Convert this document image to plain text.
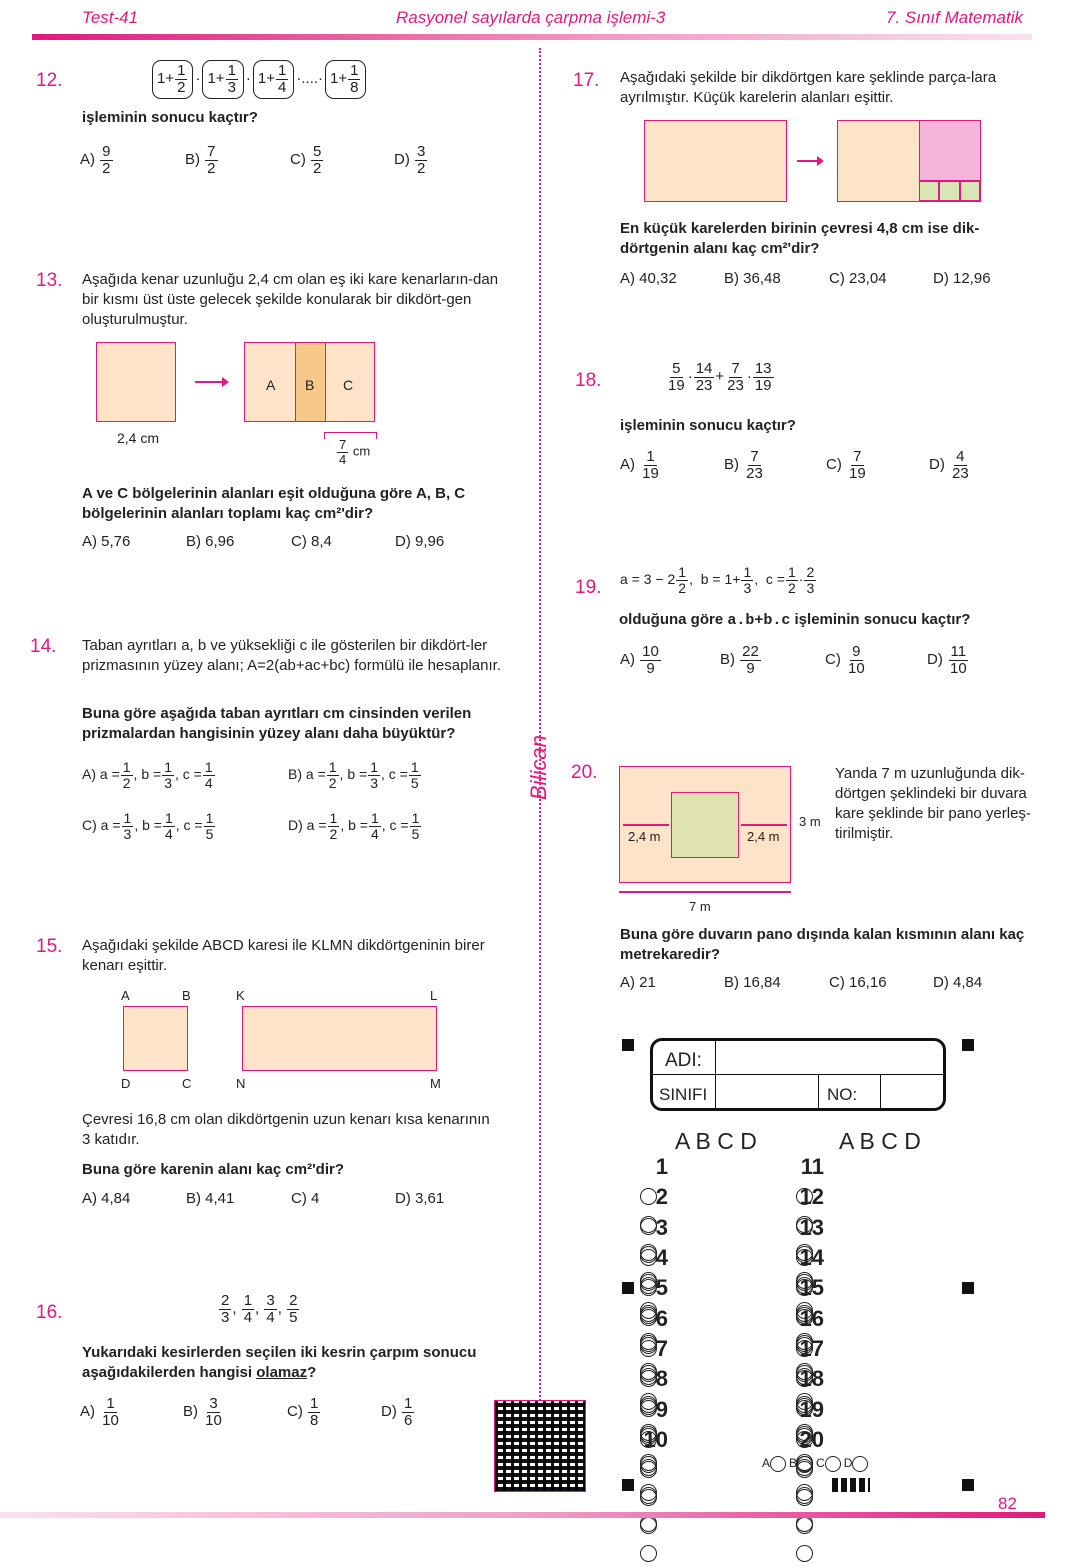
Test-41	Rasyonel sayılarda çarpma işlemi-3	7. Sınıf Matematik
Bilican
12.	$1+ \frac{1}{2} \cdot 1+ \frac{1}{3} \cdot 1+ \frac{1}{4}$ ·....· $1+ \frac{1}{8}$
işleminin sonucu kaçtır?
$A) \frac{9}{2}$	$B) \frac{7}{2}$	$C) \frac{5}{2}$	$D) \frac{3}{2}$
13. Aşağıda kenar uzunluğu 2,4 cm olan eş iki kare kenarların-dan bir kısmı üst üste gelecek şekilde konularak bir dikdört-gen oluşturulmuştur.
2,4 cm
A B C
$\frac{7}{4}$ cm
A ve C bölgelerinin alanları eşit olduğuna göre A, B, C bölgelerinin alanları toplamı kaç cm²'dir?
A) 5,76	B) 6,96	C) 8,4	D) 9,96
14. Taban ayrıtları a, b ve yüksekliği c ile gösterilen bir dikdört-ler prizmasının yüzey alanı; A=2(ab+ac+bc) formülü ile hesaplanır.
Buna göre aşağıda taban ayrıtları cm cinsinden verilen prizmalardan hangisinin yüzey alanı daha büyüktür?
A) $a = \frac{1}{2}$ , $b = \frac{1}{3}$ , $c = \frac{1}{4}$	B) $a = \frac{1}{2}$ , $b = \frac{1}{3}$ , $c = \frac{1}{5}$
C) $a = \frac{1}{3}$ , $b = \frac{1}{4}$ , $c = \frac{1}{5}$	D) $a = \frac{1}{2}$ , $b = \frac{1}{4}$ , $c = \frac{1}{5}$
15. Aşağıdaki şekilde ABCD karesi ile KLMN dikdörtgeninin birer kenarı eşittir.
A	B
D	C
K	L
N	M
Çevresi 16,8 cm olan dikdörtgenin uzun kenarı kısa kenarının 3 katıdır.
Buna göre karenin alanı kaç cm²'dir?
A) 4,84	B) 4,41	C) 4	D) 3,61
16.	$\frac{2}{3}$ , $\frac{1}{4}$ , $\frac{3}{4}$ , $\frac{2}{5}$
Yukarıdaki kesirlerden seçilen iki kesrin çarpım sonucu aşağıdakilerden hangisi olamaz?
$A) \frac{1}{10}$	$B) \frac{3}{10}$	$C) \frac{1}{8}$	$D) \frac{1}{6}$
17. Aşağıdaki şekilde bir dikdörtgen kare şeklinde parça-lara ayrılmıştır. Küçük karelerin alanları eşittir.
En küçük karelerden birinin çevresi 4,8 cm ise dik-dörtgenin alanı kaç cm²'dir?
A) 40,32	B) 36,48	C) 23,04	D) 12,96
18.	$\frac{5}{19} \cdot \frac{14}{23} + \frac{7}{23} \cdot \frac{13}{19}$
işleminin sonucu kaçtır?
$A) \frac{1}{19}$	$B) \frac{7}{23}$	$C) \frac{7}{19}$	$D) \frac{4}{23}$
19. $a = 3 - 2 \frac{1}{2}$ , $b = 1+ \frac{1}{3}$ , $c = \frac{1}{2} \cdot \frac{2}{3}$
olduğuna göre a.b+b.c işleminin sonucu kaçtır?
$A) \frac{10}{9}$	$B) \frac{22}{9}$	$C) \frac{9}{10}$	$D) \frac{11}{10}$
20.
2,4 m	2,4 m
3 m
7 m
Yanda 7 m uzunluğunda dik-dörtgen şeklindeki bir duvara kare şeklinde bir pano yerleş-tirilmiştir.
Buna göre duvarın pano dışında kalan kısmının alanı kaç metrekaredir?
A) 21	B) 16,84	C) 16,16	D) 4,84
ADI:
SINIFI	NO:
A B C D	A B C D
1
2
3
4
5
6
7
8
9
10
11
12
13
14
15
16
17
18
19
20
A B C D
82
